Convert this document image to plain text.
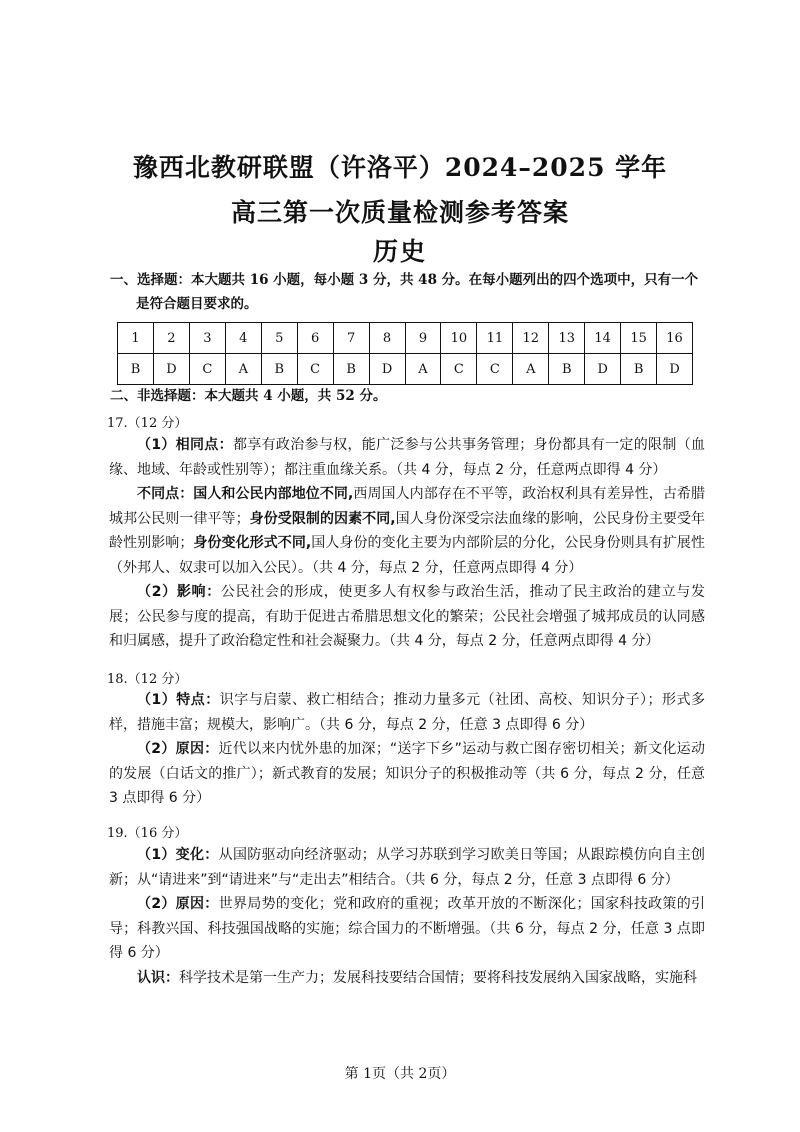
豫西北教研联盟（许洛平）2024–2025 学年
高三第一次质量检测参考答案
历史
一、选择题：本大题共 16 小题，每小题 3 分，共 48 分。在每小题列出的四个选项中，只有一个
是符合题目要求的。
1	2	3	4	5	6	7	8	9	10	11	12	13	14	15	16
B	D	C	A	B	C	B	D	A	C	C	A	B	D	B	D
二、非选择题：本大题共 4 小题，共 52 分。
17.（12 分）

（1）相同点：都享有政治参与权，能广泛参与公共事务管理；身份都具有一定的限制（血缘、地域、年龄或性别等）；都注重血缘关系。（共 4 分，每点 2 分，任意两点即得 4 分）

不同点：国人和公民内部地位不同,西周国人内部存在不平等，政治权利具有差异性，古希腊城邦公民则一律平等；身份受限制的因素不同,国人身份深受宗法血缘的影响，公民身份主要受年龄性别影响；身份变化形式不同,国人身份的变化主要为内部阶层的分化，公民身份则具有扩展性（外邦人、奴隶可以加入公民）。（共 4 分，每点 2 分，任意两点即得 4 分）

（2）影响：公民社会的形成，使更多人有权参与政治生活，推动了民主政治的建立与发展；公民参与度的提高，有助于促进古希腊思想文化的繁荣；公民社会增强了城邦成员的认同感和归属感，提升了政治稳定性和社会凝聚力。（共 4 分，每点 2 分，任意两点即得 4 分）

18.（12 分）

（1）特点：识字与启蒙、救亡相结合；推动力量多元（社团、高校、知识分子）；形式多样，措施丰富；规模大，影响广。（共 6 分，每点 2 分，任意 3 点即得 6 分）

（2）原因：近代以来内忧外患的加深；“送字下乡”运动与救亡图存密切相关；新文化运动的发展（白话文的推广）；新式教育的发展；知识分子的积极推动等（共 6 分，每点 2 分，任意 3 点即得 6 分）

19.（16 分）

（1）变化：从国防驱动向经济驱动；从学习苏联到学习欧美日等国；从跟踪模仿向自主创新；从“请进来”到“请进来”与“走出去”相结合。（共 6 分，每点 2 分，任意 3 点即得 6 分）

（2）原因：世界局势的变化；党和政府的重视；改革开放的不断深化；国家科技政策的引导；科教兴国、科技强国战略的实施；综合国力的不断增强。（共 6 分，每点 2 分，任意 3 点即得 6 分）

认识：科学技术是第一生产力；发展科技要结合国情；要将科技发展纳入国家战略，实施科

第 1页（共 2页）
